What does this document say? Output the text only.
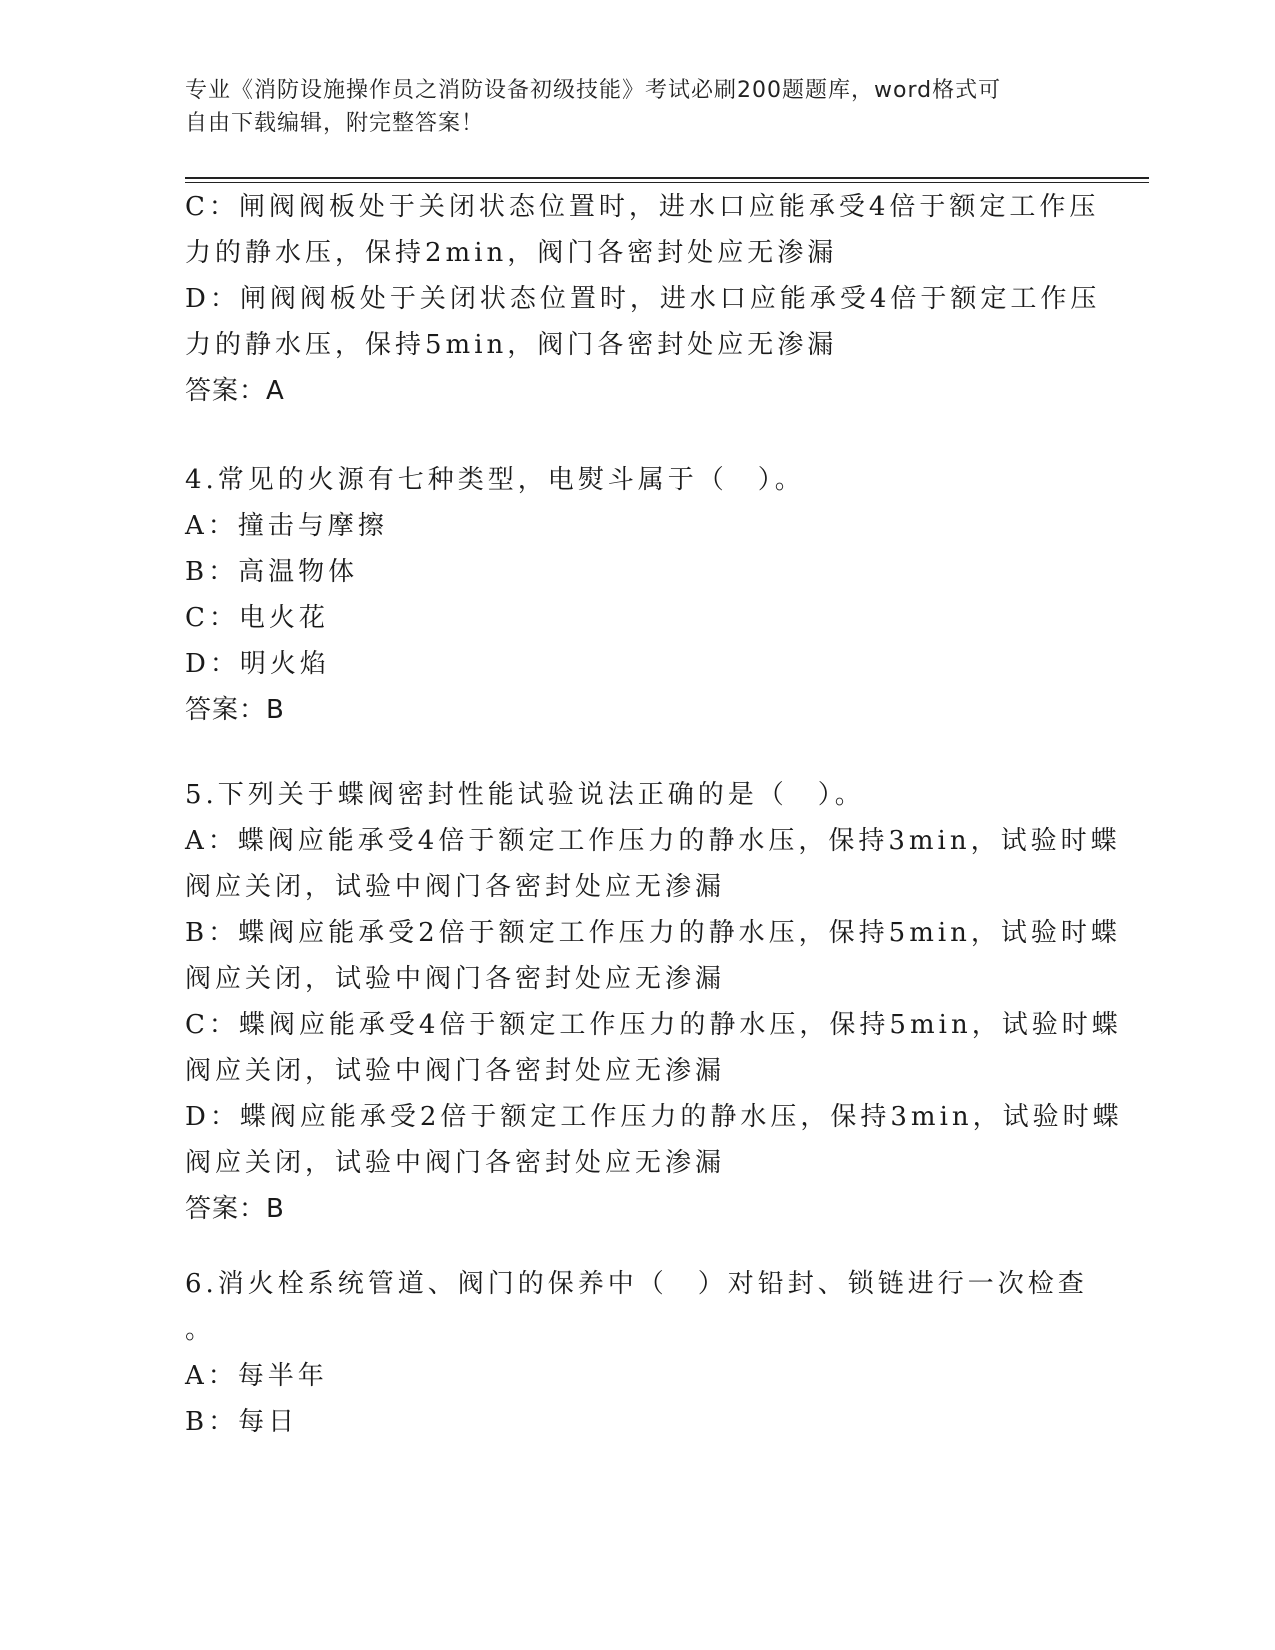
专业《消防设施操作员之消防设备初级技能》考试必刷200题题库，word格式可
自由下载编辑，附完整答案！
C：闸阀阀板处于关闭状态位置时，进水口应能承受4倍于额定工作压
力的静水压，保持2min，阀门各密封处应无渗漏
D：闸阀阀板处于关闭状态位置时，进水口应能承受4倍于额定工作压
力的静水压，保持5min，阀门各密封处应无渗漏
答案：A
4.常见的火源有七种类型，电熨斗属于（　）。
A：撞击与摩擦
B：高温物体
C：电火花
D：明火焰
答案：B
5.下列关于蝶阀密封性能试验说法正确的是（　）。
A：蝶阀应能承受4倍于额定工作压力的静水压，保持3min，试验时蝶
阀应关闭，试验中阀门各密封处应无渗漏
B：蝶阀应能承受2倍于额定工作压力的静水压，保持5min，试验时蝶
阀应关闭，试验中阀门各密封处应无渗漏
C：蝶阀应能承受4倍于额定工作压力的静水压，保持5min，试验时蝶
阀应关闭，试验中阀门各密封处应无渗漏
D：蝶阀应能承受2倍于额定工作压力的静水压，保持3min，试验时蝶
阀应关闭，试验中阀门各密封处应无渗漏
答案：B
6.消火栓系统管道、阀门的保养中（　）对铅封、锁链进行一次检查
。
A：每半年
B：每日
